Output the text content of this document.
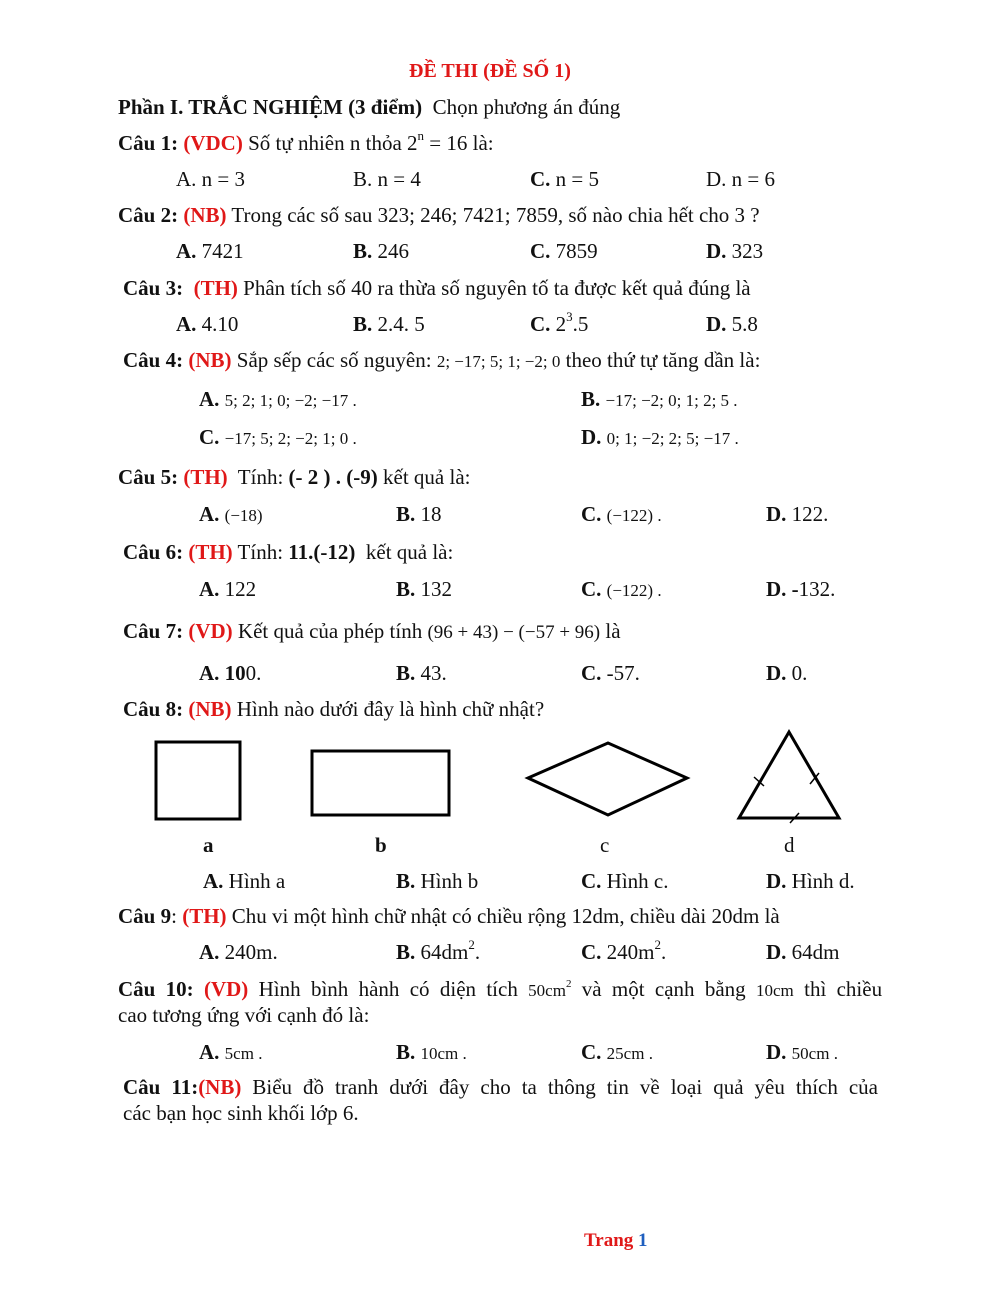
ĐỀ THI (ĐỀ SỐ 1)
Phần I. TRẮC NGHIỆM (3 điểm) Chọn phương án đúng
Câu 1: (VDC) Số tự nhiên n thỏa $2^n = 16$ là:
A. n = 3	B. n = 4	C. n = 5	D. n = 6
Câu 2: (NB) Trong các số sau 323; 246; 7421; 7859, số nào chia hết cho 3 ?
A. 7421	B. 246	C. 7859	D. 323
Câu 3: (TH) Phân tích số 40 ra thừa số nguyên tố ta được kết quả đúng là
A. 4.10	B. 2.4. 5	C. $2^3.5$	D. 5.8
Câu 4: (NB) Sắp sếp các số nguyên: 2; −17; 5; 1; −2; 0 theo thứ tự tăng dần là:
A. 5; 2; 1; 0; −2; −17 .	B. −17; −2; 0; 1; 2; 5 .
C. −17; 5; 2; −2; 1; 0 .	D. 0; 1; −2; 2; 5; −17 .
Câu 5: (TH) Tính: (- 2 ) . (-9) kết quả là:
A. (−18)	B. 18	C. (−122) .	D. 122.
Câu 6: (TH) Tính: 11.(-12) kết quả là:
A. 122	B. 132	C. (−122) .	D. -132.
Câu 7: (VD) Kết quả của phép tính (96 + 43) − (−57 + 96) là
A. 100.	B. 43.	C. -57.	D. 0.
Câu 8: (NB) Hình nào dưới đây là hình chữ nhật?
a	b	c	d
A. Hình a	B. Hình b	C. Hình c.	D. Hình d.
Câu 9: (TH) Chu vi một hình chữ nhật có chiều rộng 12dm, chiều dài 20dm là
A. 240m.	B. $64dm^2$.	C. $240m^2$.	D. 64dm
Câu 10: (VD) Hình bình hành có diện tích $50cm^2$ và một cạnh bằng 10cm thì chiều
cao tương ứng với cạnh đó là:
A. 5cm .	B. 10cm .	C. 25cm .	D. 50cm .
Câu 11:(NB) Biểu đồ tranh dưới đây cho ta thông tin về loại quả yêu thích của
các bạn học sinh khối lớp 6.
Trang 1
